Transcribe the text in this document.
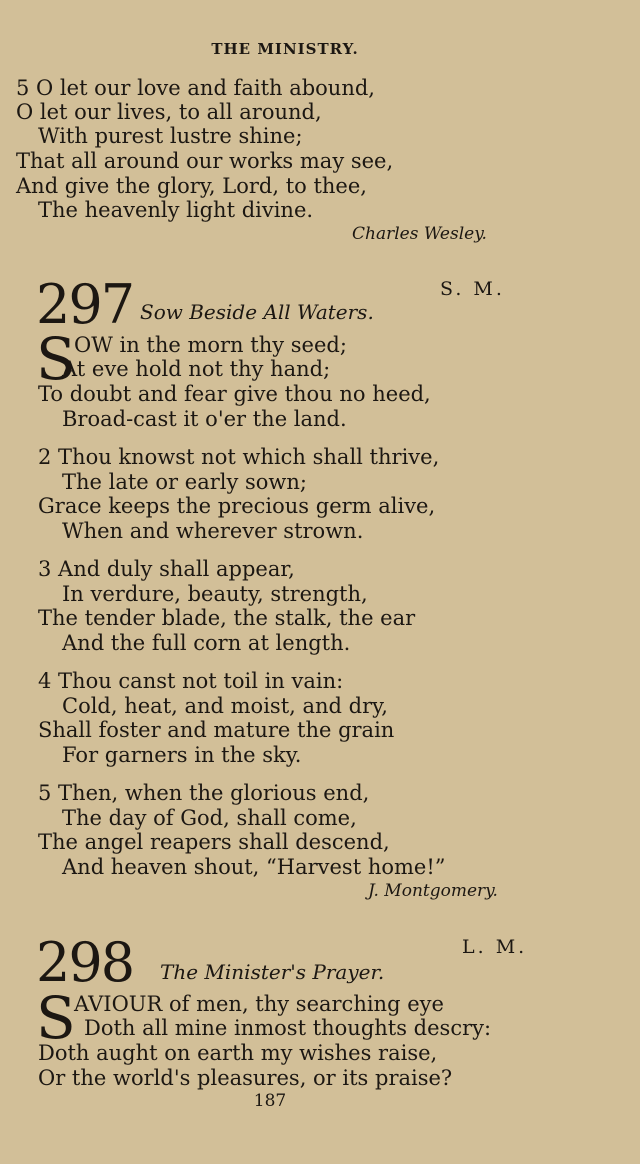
THE MINISTRY.
5 O let our love and faith abound,
O let our lives, to all around,
With purest lustre shine;
That all around our works may see,
And give the glory, Lord, to thee,
The heavenly light divine.
Charles Wesley.
297 Sow Beside All Waters.
S. M.
S
OW in the morn thy seed;
At eve hold not thy hand;
To doubt and fear give thou no heed,
Broad-cast it o'er the land.
2 Thou knowst not which shall thrive,
The late or early sown;
Grace keeps the precious germ alive,
When and wherever strown.
3 And duly shall appear,
In verdure, beauty, strength,
The tender blade, the stalk, the ear
And the full corn at length.
4 Thou canst not toil in vain:
Cold, heat, and moist, and dry,
Shall foster and mature the grain
For garners in the sky.
5 Then, when the glorious end,
The day of God, shall come,
The angel reapers shall descend,
And heaven shout, “Harvest home!”
J. Montgomery.
298 The Minister's Prayer.
L. M.
S
AVIOUR of men, thy searching eye
Doth all mine inmost thoughts descry:
Doth aught on earth my wishes raise,
Or the world's pleasures, or its praise?
187
